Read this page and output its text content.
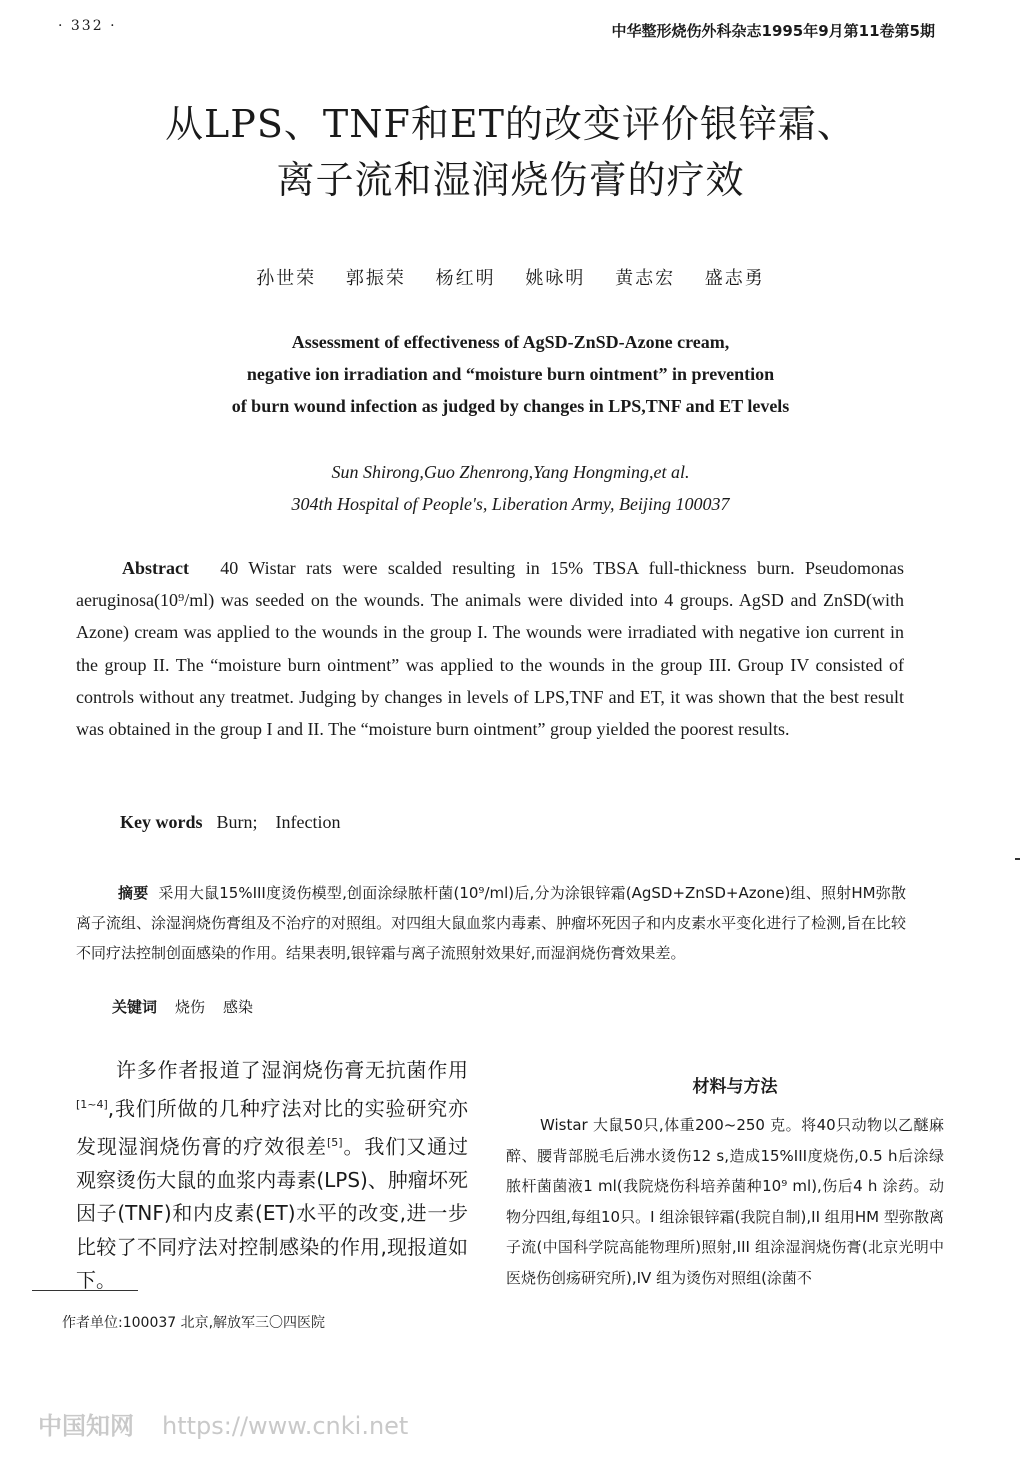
· 332 ·	中华整形烧伤外科杂志1995年9月第11卷第5期
从LPS、TNF和ET的改变评价银锌霜、
离子流和湿润烧伤膏的疗效
孙世荣 郭振荣 杨红明 姚咏明 黄志宏 盛志勇
Assessment of effectiveness of AgSD-ZnSD-Azone cream,
negative ion irradiation and “moisture burn ointment” in prevention
of burn wound infection as judged by changes in LPS,TNF and ET levels
Sun Shirong,Guo Zhenrong,Yang Hongming,et al.
304th Hospital of People's, Liberation Army, Beijing 100037
Abstract 40 Wistar rats were scalded resulting in 15% TBSA full-thickness burn. Pseudomonas aeruginosa(10⁹/ml) was seeded on the wounds. The animals were divided into 4 groups. AgSD and ZnSD(with Azone) cream was applied to the wounds in the group I. The wounds were irradiated with negative ion current in the group II. The “moisture burn ointment” was applied to the wounds in the group III. Group IV consisted of controls without any treatmet. Judging by changes in levels of LPS,TNF and ET, it was shown that the best result was obtained in the group I and II. The “moisture burn ointment” group yielded the poorest results.
Key words Burn; Infection
摘要 采用大鼠15%III度烫伤模型,创面涂绿脓杆菌(10⁹/ml)后,分为涂银锌霜(AgSD+ZnSD+Azone)组、照射HM弥散离子流组、涂湿润烧伤膏组及不治疗的对照组。对四组大鼠血浆内毒素、肿瘤坏死因子和内皮素水平变化进行了检测,旨在比较不同疗法控制创面感染的作用。结果表明,银锌霜与离子流照射效果好,而湿润烧伤膏效果差。
关键词 烧伤 感染
许多作者报道了湿润烧伤膏无抗菌作用[1~4],我们所做的几种疗法对比的实验研究亦发现湿润烧伤膏的疗效很差[5]。我们又通过观察烫伤大鼠的血浆内毒素(LPS)、肿瘤坏死因子(TNF)和内皮素(ET)水平的改变,进一步比较了不同疗法对控制感染的作用,现报道如下。
作者单位:100037 北京,解放军三〇四医院
材料与方法
Wistar 大鼠50只,体重200~250 克。将40只动物以乙醚麻醉、腰背部脱毛后沸水烫伤12 s,造成15%III度烧伤,0.5 h后涂绿脓杆菌菌液1 ml(我院烧伤科培养菌种10⁹ ml),伤后4 h 涂药。动物分四组,每组10只。I 组涂银锌霜(我院自制),II 组用HM 型弥散离子流(中国科学院高能物理所)照射,III 组涂湿润烧伤膏(北京光明中医烧伤创疡研究所),IV 组为烫伤对照组(涂菌不
中国知网 https://www.cnki.net
